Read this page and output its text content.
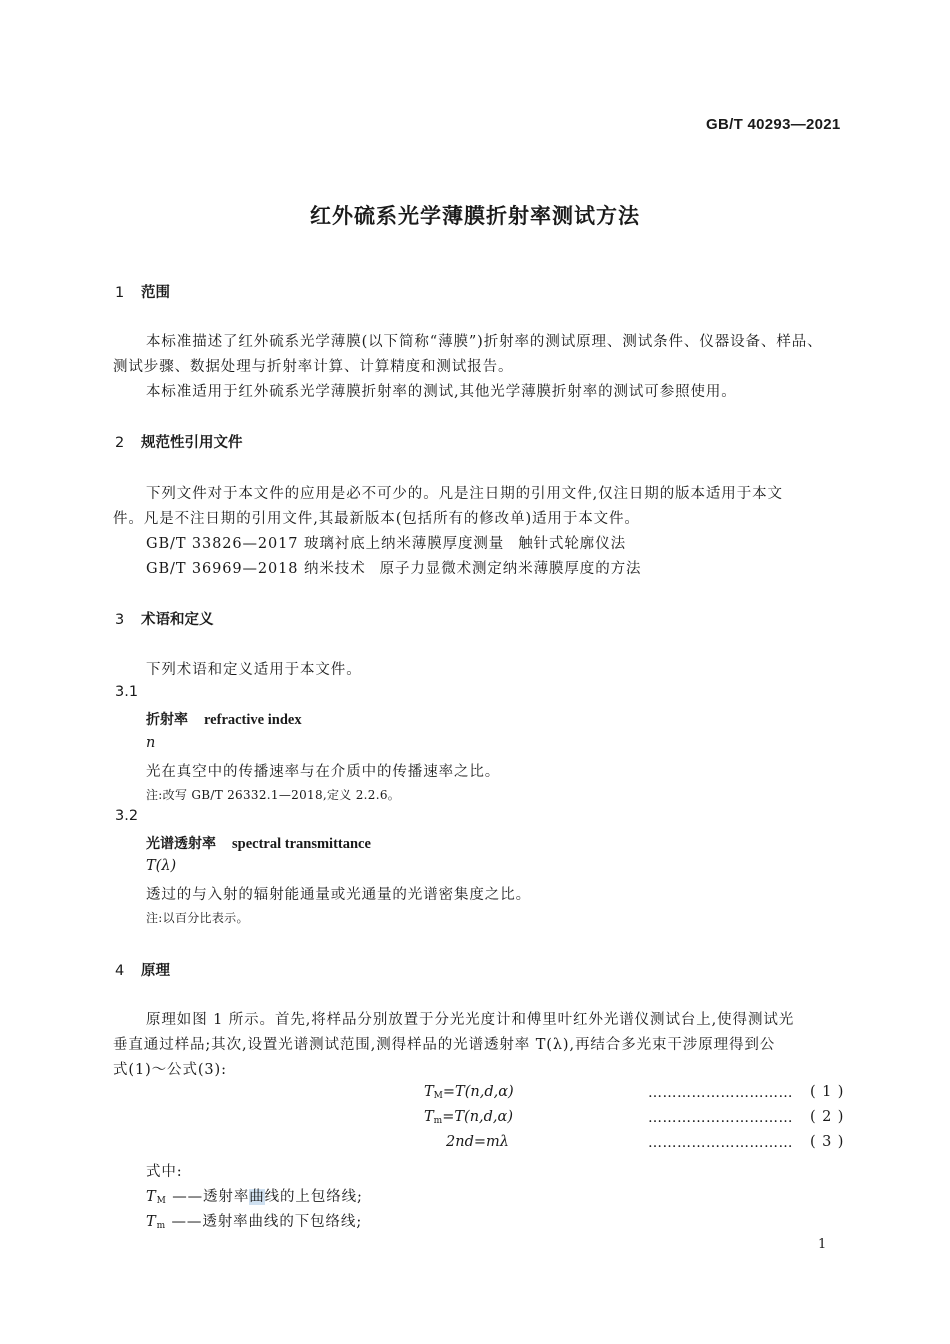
GB/T 40293—2021
红外硫系光学薄膜折射率测试方法
1 范围
本标准描述了红外硫系光学薄膜(以下简称“薄膜”)折射率的测试原理、测试条件、仪器设备、样品、
测试步骤、数据处理与折射率计算、计算精度和测试报告。
本标准适用于红外硫系光学薄膜折射率的测试,其他光学薄膜折射率的测试可参照使用。
2 规范性引用文件
下列文件对于本文件的应用是必不可少的。凡是注日期的引用文件,仅注日期的版本适用于本文
件。凡是不注日期的引用文件,其最新版本(包括所有的修改单)适用于本文件。
GB/T 33826—2017 玻璃衬底上纳米薄膜厚度测量 触针式轮廓仪法
GB/T 36969—2018 纳米技术 原子力显微术测定纳米薄膜厚度的方法
3 术语和定义
下列术语和定义适用于本文件。
3.1
折射率 refractive index
n
光在真空中的传播速率与在介质中的传播速率之比。
注:改写 GB/T 26332.1—2018,定义 2.2.6。
3.2
光谱透射率 spectral transmittance
T(λ)
透过的与入射的辐射能通量或光通量的光谱密集度之比。
注:以百分比表示。
4 原理
原理如图 1 所示。首先,将样品分别放置于分光光度计和傅里叶红外光谱仪测试台上,使得测试光
垂直通过样品;其次,设置光谱测试范围,测得样品的光谱透射率 T(λ),再结合多光束干涉原理得到公
式(1)～公式(3):
$T_M=T(n,d,\alpha)$	………………………… ( 1 )
$T_m=T(n,d,\alpha)$	………………………… ( 2 )
2nd=mλ	………………………… ( 3 )
式中:
$T_M$ ——透射率曲线的上包络线;
$T_m$ ——透射率曲线的下包络线;
1
